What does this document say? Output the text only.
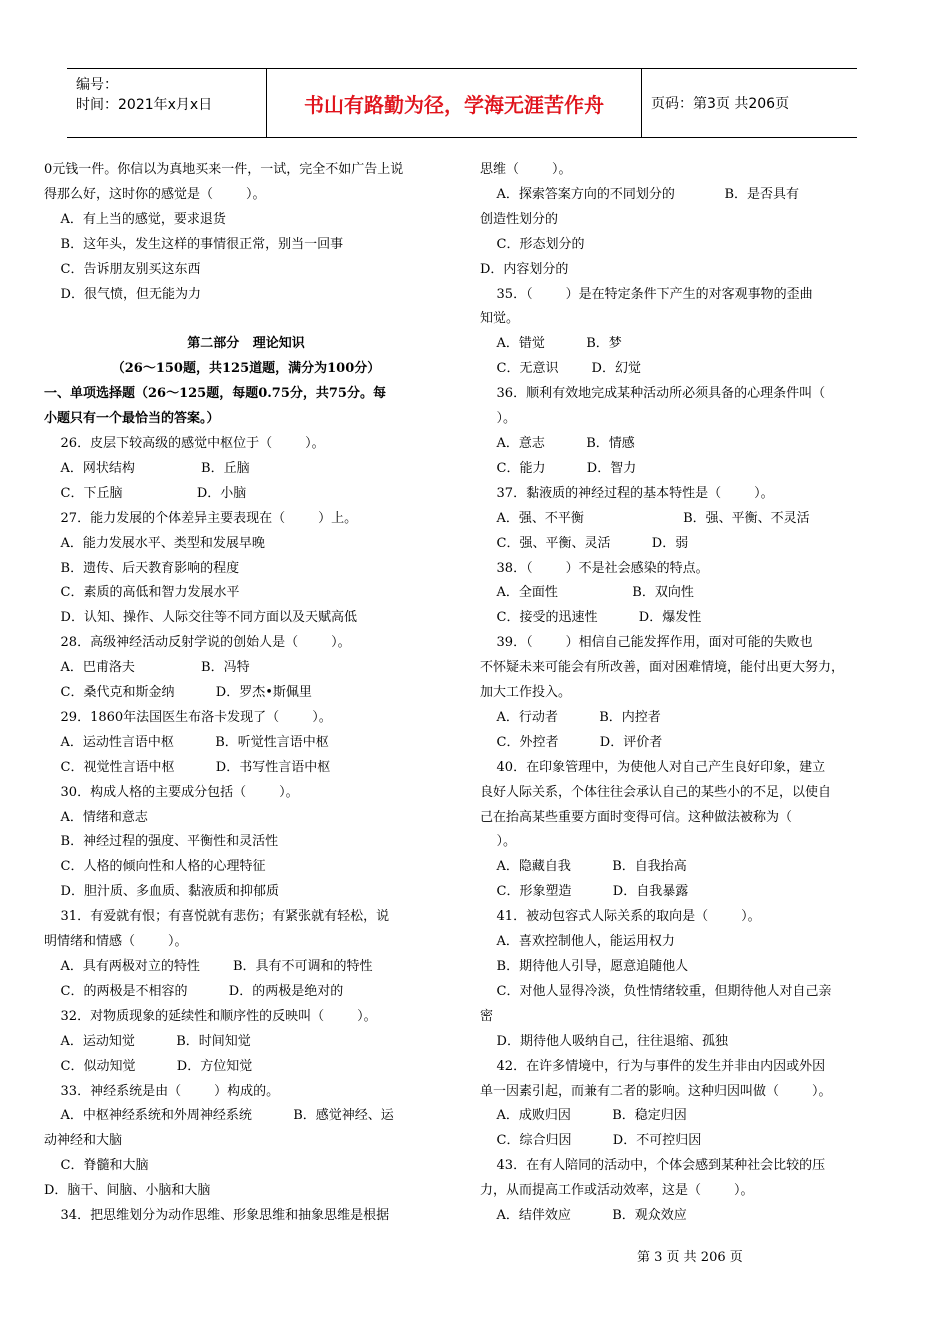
编号：
时间：2021年x月x日	书山有路勤为径，学海无涯苦作舟	页码：第3页 共206页

0元钱一件。你信以为真地买来一件，一试，完全不如广告上说

得那么好，这时你的感觉是（        ）。

A．有上当的感觉，要求退货

B．这年头，发生这样的事情很正常，别当一回事

C．告诉朋友别买这东西

D．很气愤，但无能为力

第二部分   理论知识

（26～150题，共125道题，满分为100分）

一、单项选择题（26～125题，每题0.75分，共75分。每

小题只有一个最恰当的答案。）

26．皮层下较高级的感觉中枢位于（        ）。

A．网状结构                B．丘脑

C．下丘脑                  D．小脑

27．能力发展的个体差异主要表现在（        ）上。

A．能力发展水平、类型和发展早晚

B．遗传、后天教育影响的程度

C．素质的高低和智力发展水平

D．认知、操作、人际交往等不同方面以及天赋高低

28．高级神经活动反射学说的创始人是（        ）。

A．巴甫洛夫                B．冯特

C．桑代克和斯金纳          D．罗杰•斯佩里

29．1860年法国医生布洛卡发现了（        ）。

A．运动性言语中枢          B．听觉性言语中枢

C．视觉性言语中枢          D．书写性言语中枢

30．构成人格的主要成分包括（        ）。

A．情绪和意志

B．神经过程的强度、平衡性和灵活性

C．人格的倾向性和人格的心理特征

D．胆汁质、多血质、黏液质和抑郁质

31．有爱就有恨；有喜悦就有悲伤；有紧张就有轻松，说

明情绪和情感（        ）。

A．具有两极对立的特性        B．具有不可调和的特性

C．的两极是不相容的          D．的两极是绝对的

32．对物质现象的延续性和顺序性的反映叫（        ）。

A．运动知觉          B．时间知觉

C．似动知觉          D．方位知觉

33．神经系统是由（        ）构成的。

A．中枢神经系统和外周神经系统          B．感觉神经、运

动神经和大脑

C．脊髓和大脑

D．脑干、间脑、小脑和大脑

34．把思维划分为动作思维、形象思维和抽象思维是根据

思维（        ）。

A．探索答案方向的不同划分的            B．是否具有

创造性划分的

C．形态划分的

D．内容划分的

35．（        ）是在特定条件下产生的对客观事物的歪曲

知觉。

A．错觉          B．梦

C．无意识        D．幻觉

36．顺利有效地完成某种活动所必须具备的心理条件叫（

）。

A．意志          B．情感

C．能力          D．智力

37．黏液质的神经过程的基本特性是（        ）。

A．强、不平衡                        B．强、平衡、不灵活

C．强、平衡、灵活          D．弱

38．（        ）不是社会感染的特点。

A．全面性                  B．双向性

C．接受的迅速性          D．爆发性

39．（        ）相信自己能发挥作用，面对可能的失败也

不怀疑未来可能会有所改善，面对困难情境，能付出更大努力，

加大工作投入。

A．行动者          B．内控者

C．外控者          D．评价者

40．在印象管理中，为使他人对自己产生良好印象，建立

良好人际关系，个体往往会承认自己的某些小的不足，以使自

己在抬高某些重要方面时变得可信。这种做法被称为（

）。

A．隐藏自我          B．自我抬高

C．形象塑造          D．自我暴露

41．被动包容式人际关系的取向是（        ）。

A．喜欢控制他人，能运用权力

B．期待他人引导，愿意追随他人

C．对他人显得冷淡，负性情绪较重，但期待他人对自己亲

密

D．期待他人吸纳自己，往往退缩、孤独

42．在许多情境中，行为与事件的发生并非由内因或外因

单一因素引起，而兼有二者的影响。这种归因叫做（        ）。

A．成败归因          B．稳定归因

C．综合归因          D．不可控归因

43．在有人陪同的活动中，个体会感到某种社会比较的压

力，从而提高工作或活动效率，这是（        ）。

A．结伴效应          B．观众效应

第 3 页 共 206 页
